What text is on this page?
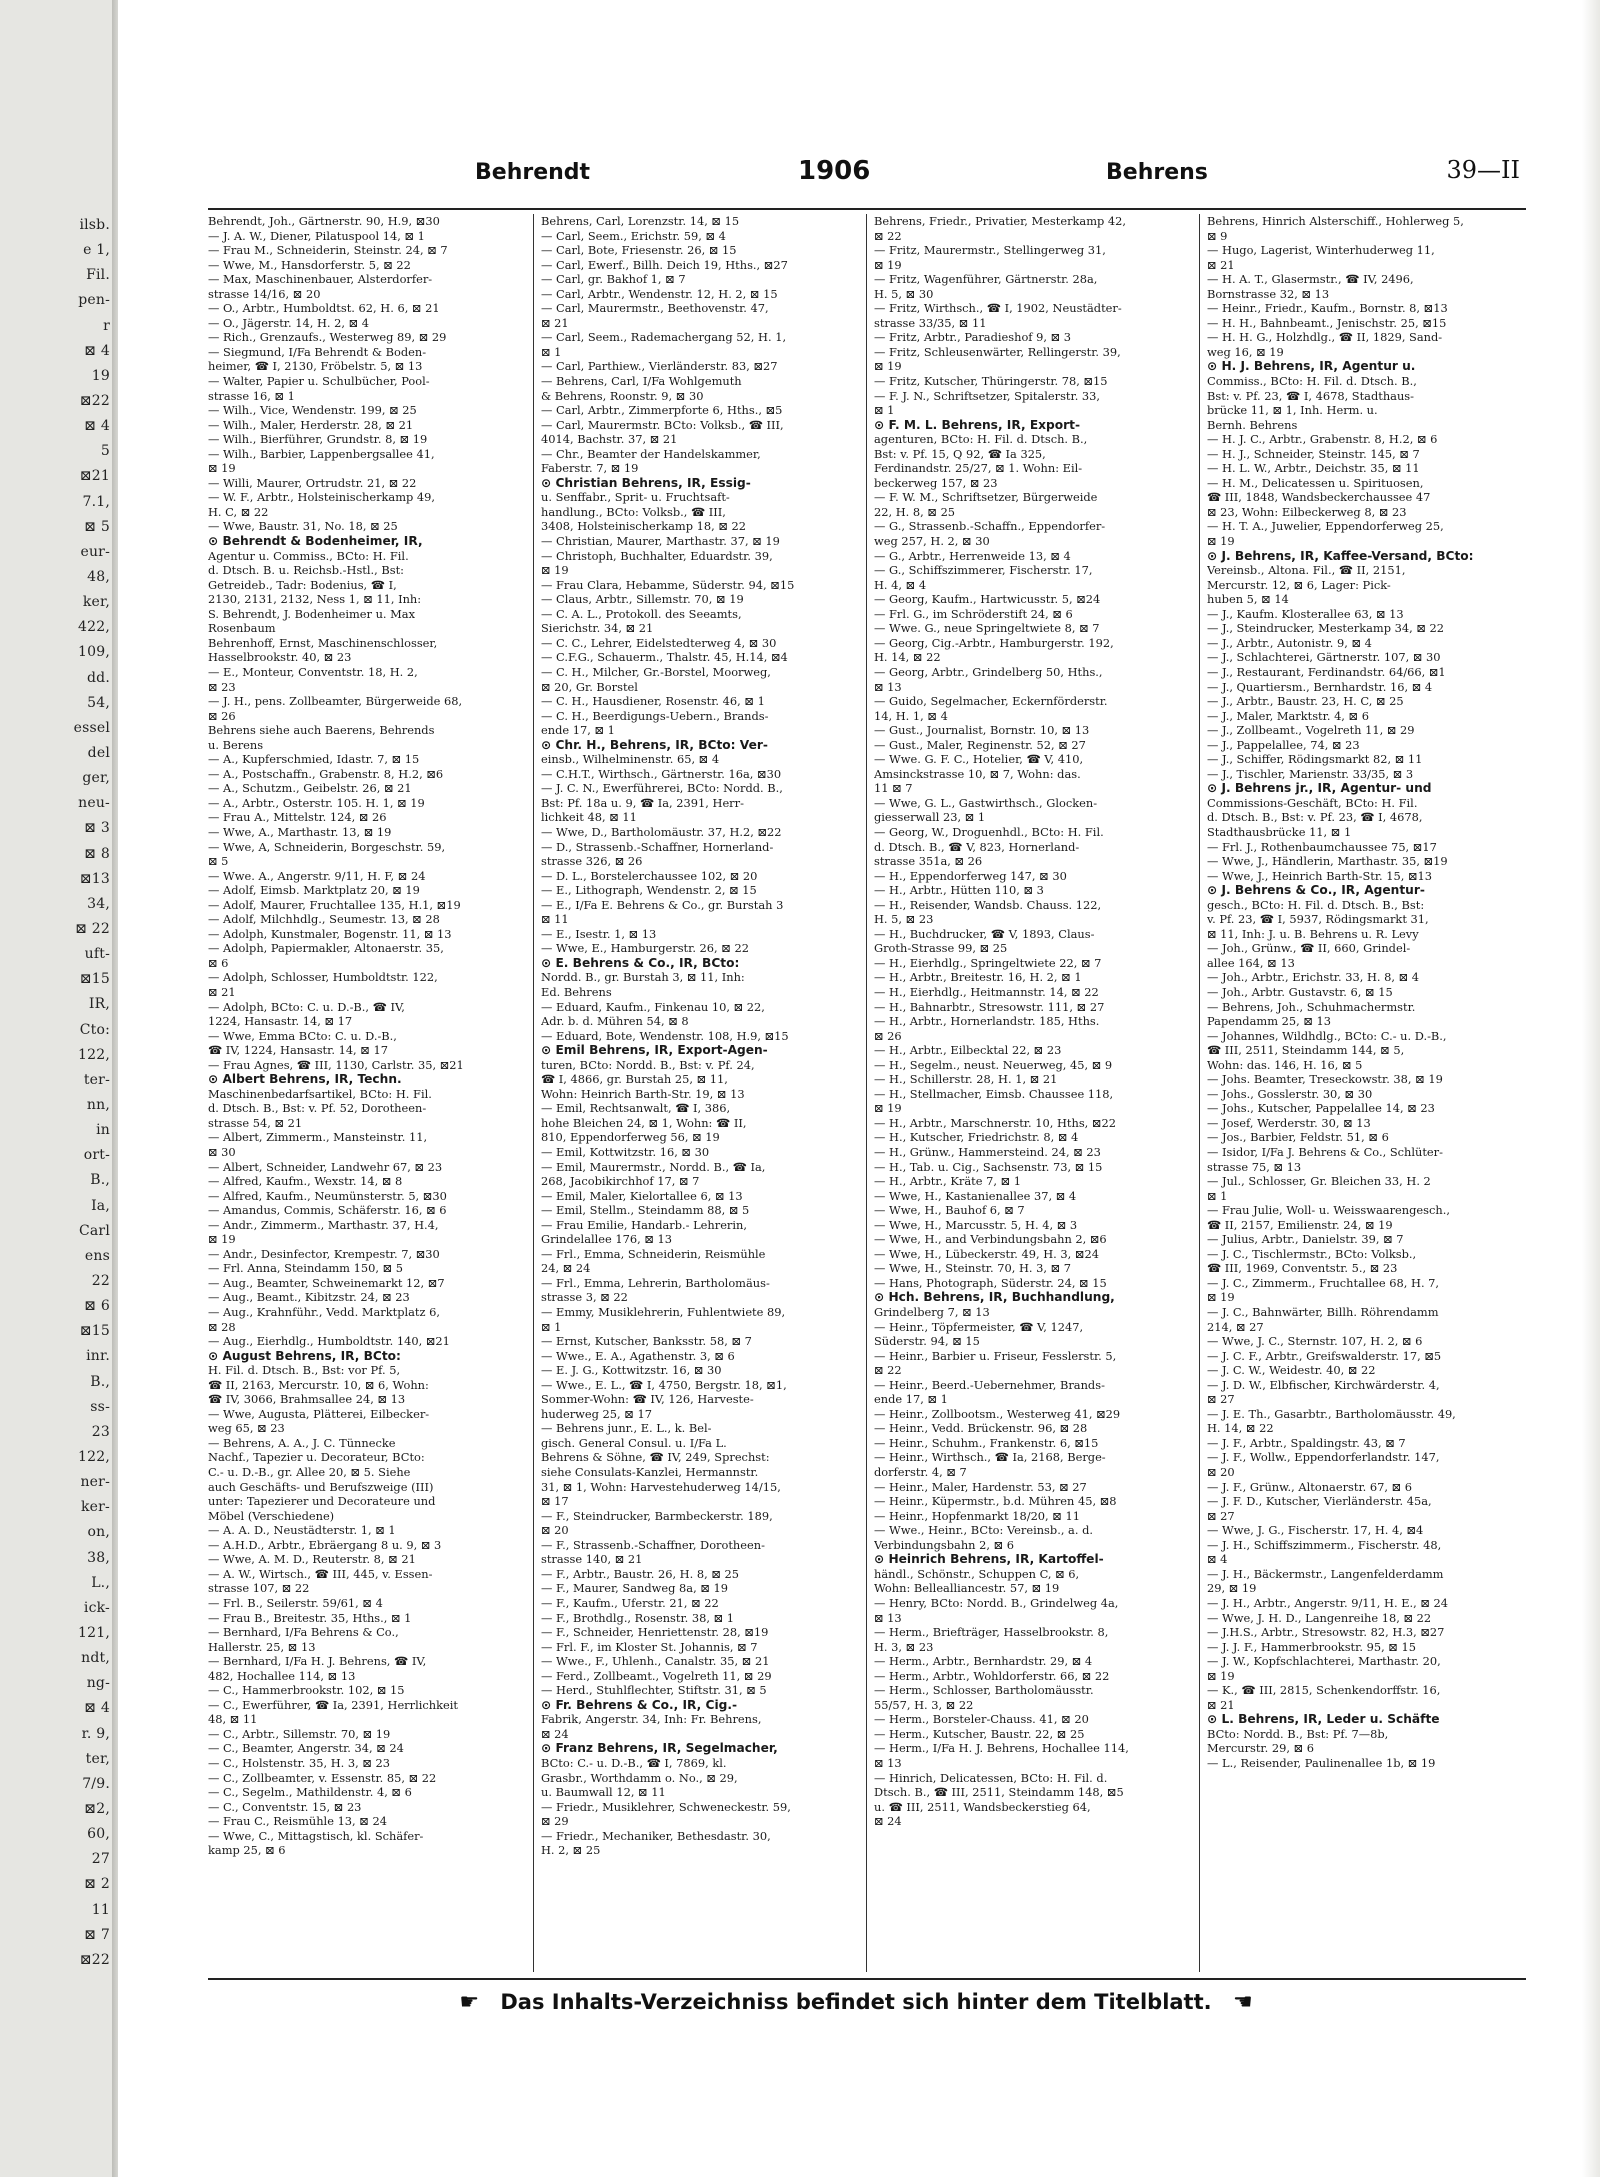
ilsb.
e 1,
Fil.
pen-
r
⊠ 4
19
⊠22
⊠ 4
5
⊠21
7.1,
⊠ 5
eur-
48,
ker,
422,
109,
dd.
54,
essel
del
ger,
neu-
⊠ 3
⊠ 8
⊠13
34,
⊠ 22
uft-
⊠15
IR,
Cto:
122,
ter-
nn,
in
ort-
B.,
Ia,
Carl
ens
22
⊠ 6
⊠15
inr.
B.,
ss-
23
122,
ner-
ker-
on,
38,
L.,
ick-
121,
ndt,
ng-
⊠ 4
r. 9,
ter,
7/9.
⊠2,
60,
27
⊠ 2
11
⊠ 7
⊠22
Behrendt	1906	Behrens	39—II
Behrendt, Joh., Gärtnerstr. 90, H.9, ⊠30
— J. A. W., Diener, Pilatuspool 14, ⊠ 1
— Frau M., Schneiderin, Steinstr. 24, ⊠ 7
— Wwe, M., Hansdorferstr. 5, ⊠ 22
— Max, Maschinenbauer, Alsterdorfer-
strasse 14/16, ⊠ 20
— O., Arbtr., Humboldtst. 62, H. 6, ⊠ 21
— O., Jägerstr. 14, H. 2, ⊠ 4
— Rich., Grenzaufs., Westerweg 89, ⊠ 29
— Siegmund, I/Fa Behrendt & Boden-
heimer, ☎ I, 2130, Fröbelstr. 5, ⊠ 13
— Walter, Papier u. Schulbücher, Pool-
strasse 16, ⊠ 1
— Wilh., Vice, Wendenstr. 199, ⊠ 25
— Wilh., Maler, Herderstr. 28, ⊠ 21
— Wilh., Bierführer, Grundstr. 8, ⊠ 19
— Wilh., Barbier, Lappenbergsallee 41,
⊠ 19
— Willi, Maurer, Ortrudstr. 21, ⊠ 22
— W. F., Arbtr., Holsteinischerkamp 49,
H. C, ⊠ 22
— Wwe, Baustr. 31, No. 18, ⊠ 25
⊙ Behrendt & Bodenheimer, IR,
Agentur u. Commiss., BCto: H. Fil.
d. Dtsch. B. u. Reichsb.-Hstl., Bst:
Getreideb., Tadr: Bodenius, ☎ I,
2130, 2131, 2132, Ness 1, ⊠ 11, Inh:
S. Behrendt, J. Bodenheimer u. Max
Rosenbaum
Behrenhoff, Ernst, Maschinenschlosser,
Hasselbrookstr. 40, ⊠ 23
— E., Monteur, Conventstr. 18, H. 2,
⊠ 23
— J. H., pens. Zollbeamter, Bürgerweide 68,
⊠ 26
Behrens siehe auch Baerens, Behrends
u. Berens
— A., Kupferschmied, Idastr. 7, ⊠ 15
— A., Postschaffn., Grabenstr. 8, H.2, ⊠6
— A., Schutzm., Geibelstr. 26, ⊠ 21
— A., Arbtr., Osterstr. 105. H. 1, ⊠ 19
— Frau A., Mittelstr. 124, ⊠ 26
— Wwe, A., Marthastr. 13, ⊠ 19
— Wwe, A, Schneiderin, Borgeschstr. 59,
⊠ 5
— Wwe. A., Angerstr. 9/11, H. F, ⊠ 24
— Adolf, Eimsb. Marktplatz 20, ⊠ 19
— Adolf, Maurer, Fruchtallee 135, H.1, ⊠19
— Adolf, Milchhdlg., Seumestr. 13, ⊠ 28
— Adolph, Kunstmaler, Bogenstr. 11, ⊠ 13
— Adolph, Papiermakler, Altonaerstr. 35,
⊠ 6
— Adolph, Schlosser, Humboldtstr. 122,
⊠ 21
— Adolph, BCto: C. u. D.-B., ☎ IV,
1224, Hansastr. 14, ⊠ 17
— Wwe, Emma BCto: C. u. D.-B.,
☎ IV, 1224, Hansastr. 14, ⊠ 17
— Frau Agnes, ☎ III, 1130, Carlstr. 35, ⊠21
⊙ Albert Behrens, IR, Techn.
Maschinenbedarfsartikel, BCto: H. Fil.
d. Dtsch. B., Bst: v. Pf. 52, Dorotheen-
strasse 54, ⊠ 21
— Albert, Zimmerm., Mansteinstr. 11,
⊠ 30
— Albert, Schneider, Landwehr 67, ⊠ 23
— Alfred, Kaufm., Wexstr. 14, ⊠ 8
— Alfred, Kaufm., Neumünsterstr. 5, ⊠30
— Amandus, Commis, Schäferstr. 16, ⊠ 6
— Andr., Zimmerm., Marthastr. 37, H.4,
⊠ 19
— Andr., Desinfector, Krempestr. 7, ⊠30
— Frl. Anna, Steindamm 150, ⊠ 5
— Aug., Beamter, Schweinemarkt 12, ⊠7
— Aug., Beamt., Kibitzstr. 24, ⊠ 23
— Aug., Krahnführ., Vedd. Marktplatz 6,
⊠ 28
— Aug., Eierhdlg., Humboldtstr. 140, ⊠21
⊙ August Behrens, IR, BCto:
H. Fil. d. Dtsch. B., Bst: vor Pf. 5,
☎ II, 2163, Mercurstr. 10, ⊠ 6, Wohn:
☎ IV, 3066, Brahmsallee 24, ⊠ 13
— Wwe, Augusta, Plätterei, Eilbecker-
weg 65, ⊠ 23
— Behrens, A. A., J. C. Tünnecke
Nachf., Tapezier u. Decorateur, BCto:
C.- u. D.-B., gr. Allee 20, ⊠ 5. Siehe
auch Geschäfts- und Berufszweige (III)
unter: Tapezierer und Decorateure und
Möbel (Verschiedene)
— A. A. D., Neustädterstr. 1, ⊠ 1
— A.H.D., Arbtr., Ebräergang 8 u. 9, ⊠ 3
— Wwe, A. M. D., Reuterstr. 8, ⊠ 21
— A. W., Wirtsch., ☎ III, 445, v. Essen-
strasse 107, ⊠ 22
— Frl. B., Seilerstr. 59/61, ⊠ 4
— Frau B., Breitestr. 35, Hths., ⊠ 1
— Bernhard, I/Fa Behrens & Co.,
Hallerstr. 25, ⊠ 13
— Bernhard, I/Fa H. J. Behrens, ☎ IV,
482, Hochallee 114, ⊠ 13
— C., Hammerbrookstr. 102, ⊠ 15
— C., Ewerführer, ☎ Ia, 2391, Herrlichkeit
48, ⊠ 11
— C., Arbtr., Sillemstr. 70, ⊠ 19
— C., Beamter, Angerstr. 34, ⊠ 24
— C., Holstenstr. 35, H. 3, ⊠ 23
— C., Zollbeamter, v. Essenstr. 85, ⊠ 22
— C., Segelm., Mathildenstr. 4, ⊠ 6
— C., Conventstr. 15, ⊠ 23
— Frau C., Reismühle 13, ⊠ 24
— Wwe, C., Mittagstisch, kl. Schäfer-
kamp 25, ⊠ 6
Behrens, Carl, Lorenzstr. 14, ⊠ 15
— Carl, Seem., Erichstr. 59, ⊠ 4
— Carl, Bote, Friesenstr. 26, ⊠ 15
— Carl, Ewerf., Billh. Deich 19, Hths., ⊠27
— Carl, gr. Bakhof 1, ⊠ 7
— Carl, Arbtr., Wendenstr. 12, H. 2, ⊠ 15
— Carl, Maurermstr., Beethovenstr. 47,
⊠ 21
— Carl, Seem., Rademachergang 52, H. 1,
⊠ 1
— Carl, Parthiew., Vierländerstr. 83, ⊠27
— Behrens, Carl, I/Fa Wohlgemuth
& Behrens, Roonstr. 9, ⊠ 30
— Carl, Arbtr., Zimmerpforte 6, Hths., ⊠5
— Carl, Maurermstr. BCto: Volksb., ☎ III,
4014, Bachstr. 37, ⊠ 21
— Chr., Beamter der Handelskammer,
Faberstr. 7, ⊠ 19
⊙ Christian Behrens, IR, Essig-
u. Senffabr., Sprit- u. Fruchtsaft-
handlung., BCto: Volksb., ☎ III,
3408, Holsteinischerkamp 18, ⊠ 22
— Christian, Maurer, Marthastr. 37, ⊠ 19
— Christoph, Buchhalter, Eduardstr. 39,
⊠ 19
— Frau Clara, Hebamme, Süderstr. 94, ⊠15
— Claus, Arbtr., Sillemstr. 70, ⊠ 19
— C. A. L., Protokoll. des Seeamts,
Sierichstr. 34, ⊠ 21
— C. C., Lehrer, Eidelstedterweg 4, ⊠ 30
— C.F.G., Schauerm., Thalstr. 45, H.14, ⊠4
— C. H., Milcher, Gr.-Borstel, Moorweg,
⊠ 20, Gr. Borstel
— C. H., Hausdiener, Rosenstr. 46, ⊠ 1
— C. H., Beerdigungs-Uebern., Brands-
ende 17, ⊠ 1
⊙ Chr. H., Behrens, IR, BCto: Ver-
einsb., Wilhelminenstr. 65, ⊠ 4
— C.H.T., Wirthsch., Gärtnerstr. 16a, ⊠30
— J. C. N., Ewerführerei, BCto: Nordd. B.,
Bst: Pf. 18a u. 9, ☎ Ia, 2391, Herr-
lichkeit 48, ⊠ 11
— Wwe, D., Bartholomäustr. 37, H.2, ⊠22
— D., Strassenb.-Schaffner, Hornerland-
strasse 326, ⊠ 26
— D. L., Borstelerchaussee 102, ⊠ 20
— E., Lithograph, Wendenstr. 2, ⊠ 15
— E., I/Fa E. Behrens & Co., gr. Burstah 3
⊠ 11
— E., Isestr. 1, ⊠ 13
— Wwe, E., Hamburgerstr. 26, ⊠ 22
⊙ E. Behrens & Co., IR, BCto:
Nordd. B., gr. Burstah 3, ⊠ 11, Inh:
Ed. Behrens
— Eduard, Kaufm., Finkenau 10, ⊠ 22,
Adr. b. d. Mühren 54, ⊠ 8
— Eduard, Bote, Wendenstr. 108, H.9, ⊠15
⊙ Emil Behrens, IR, Export-Agen-
turen, BCto: Nordd. B., Bst: v. Pf. 24,
☎ I, 4866, gr. Burstah 25, ⊠ 11,
Wohn: Heinrich Barth-Str. 19, ⊠ 13
— Emil, Rechtsanwalt, ☎ I, 386,
hohe Bleichen 24, ⊠ 1, Wohn: ☎ II,
810, Eppendorferweg 56, ⊠ 19
— Emil, Kottwitzstr. 16, ⊠ 30
— Emil, Maurermstr., Nordd. B., ☎ Ia,
268, Jacobikirchhof 17, ⊠ 7
— Emil, Maler, Kielortallee 6, ⊠ 13
— Emil, Stellm., Steindamm 88, ⊠ 5
— Frau Emilie, Handarb.- Lehrerin,
Grindelallee 176, ⊠ 13
— Frl., Emma, Schneiderin, Reismühle
24, ⊠ 24
— Frl., Emma, Lehrerin, Bartholomäus-
strasse 3, ⊠ 22
— Emmy, Musiklehrerin, Fuhlentwiete 89,
⊠ 1
— Ernst, Kutscher, Banksstr. 58, ⊠ 7
— Wwe., E. A., Agathenstr. 3, ⊠ 6
— E. J. G., Kottwitzstr. 16, ⊠ 30
— Wwe., E. L., ☎ I, 4750, Bergstr. 18, ⊠1,
Sommer-Wohn: ☎ IV, 126, Harveste-
huderweg 25, ⊠ 17
— Behrens junr., E. L., k. Bel-
gisch. General Consul. u. I/Fa L.
Behrens & Söhne, ☎ IV, 249, Sprechst:
siehe Consulats-Kanzlei, Hermannstr.
31, ⊠ 1, Wohn: Harvestehuderweg 14/15,
⊠ 17
— F., Steindrucker, Barmbeckerstr. 189,
⊠ 20
— F., Strassenb.-Schaffner, Dorotheen-
strasse 140, ⊠ 21
— F., Arbtr., Baustr. 26, H. 8, ⊠ 25
— F., Maurer, Sandweg 8a, ⊠ 19
— F., Kaufm., Uferstr. 21, ⊠ 22
— F., Brothdlg., Rosenstr. 38, ⊠ 1
— F., Schneider, Henriettenstr. 28, ⊠19
— Frl. F., im Kloster St. Johannis, ⊠ 7
— Wwe., F., Uhlenh., Canalstr. 35, ⊠ 21
— Ferd., Zollbeamt., Vogelreth 11, ⊠ 29
— Herd., Stuhlflechter, Stiftstr. 31, ⊠ 5
⊙ Fr. Behrens & Co., IR, Cig.-
Fabrik, Angerstr. 34, Inh: Fr. Behrens,
⊠ 24
⊙ Franz Behrens, IR, Segelmacher,
BCto: C.- u. D.-B., ☎ I, 7869, kl.
Grasbr., Worthdamm o. No., ⊠ 29,
u. Baumwall 12, ⊠ 11
— Friedr., Musiklehrer, Schweneckestr. 59,
⊠ 29
— Friedr., Mechaniker, Bethesdastr. 30,
H. 2, ⊠ 25
Behrens, Friedr., Privatier, Mesterkamp 42,
⊠ 22
— Fritz, Maurermstr., Stellingerweg 31,
⊠ 19
— Fritz, Wagenführer, Gärtnerstr. 28a,
H. 5, ⊠ 30
— Fritz, Wirthsch., ☎ I, 1902, Neustädter-
strasse 33/35, ⊠ 11
— Fritz, Arbtr., Paradieshof 9, ⊠ 3
— Fritz, Schleusenwärter, Rellingerstr. 39,
⊠ 19
— Fritz, Kutscher, Thüringerstr. 78, ⊠15
— F. J. N., Schriftsetzer, Spitalerstr. 33,
⊠ 1
⊙ F. M. L. Behrens, IR, Export-
agenturen, BCto: H. Fil. d. Dtsch. B.,
Bst: v. Pf. 15, Q 92, ☎ Ia 325,
Ferdinandstr. 25/27, ⊠ 1. Wohn: Eil-
beckerweg 157, ⊠ 23
— F. W. M., Schriftsetzer, Bürgerweide
22, H. 8, ⊠ 25
— G., Strassenb.-Schaffn., Eppendorfer-
weg 257, H. 2, ⊠ 30
— G., Arbtr., Herrenweide 13, ⊠ 4
— G., Schiffszimmerer, Fischerstr. 17,
H. 4, ⊠ 4
— Georg, Kaufm., Hartwicusstr. 5, ⊠24
— Frl. G., im Schröderstift 24, ⊠ 6
— Wwe. G., neue Springeltwiete 8, ⊠ 7
— Georg, Cig.-Arbtr., Hamburgerstr. 192,
H. 14, ⊠ 22
— Georg, Arbtr., Grindelberg 50, Hths.,
⊠ 13
— Guido, Segelmacher, Eckernförderstr.
14, H. 1, ⊠ 4
— Gust., Journalist, Bornstr. 10, ⊠ 13
— Gust., Maler, Reginenstr. 52, ⊠ 27
— Wwe. G. F. C., Hotelier, ☎ V, 410,
Amsinckstrasse 10, ⊠ 7, Wohn: das.
11 ⊠ 7
— Wwe, G. L., Gastwirthsch., Glocken-
giesserwall 23, ⊠ 1
— Georg, W., Droguenhdl., BCto: H. Fil.
d. Dtsch. B., ☎ V, 823, Hornerland-
strasse 351a, ⊠ 26
— H., Eppendorferweg 147, ⊠ 30
— H., Arbtr., Hütten 110, ⊠ 3
— H., Reisender, Wandsb. Chauss. 122,
H. 5, ⊠ 23
— H., Buchdrucker, ☎ V, 1893, Claus-
Groth-Strasse 99, ⊠ 25
— H., Eierhdlg., Springeltwiete 22, ⊠ 7
— H., Arbtr., Breitestr. 16, H. 2, ⊠ 1
— H., Eierhdlg., Heitmannstr. 14, ⊠ 22
— H., Bahnarbtr., Stresowstr. 111, ⊠ 27
— H., Arbtr., Hornerlandstr. 185, Hths.
⊠ 26
— H., Arbtr., Eilbecktal 22, ⊠ 23
— H., Segelm., neust. Neuerweg, 45, ⊠ 9
— H., Schillerstr. 28, H. 1, ⊠ 21
— H., Stellmacher, Eimsb. Chaussee 118,
⊠ 19
— H., Arbtr., Marschnerstr. 10, Hths, ⊠22
— H., Kutscher, Friedrichstr. 8, ⊠ 4
— H., Grünw., Hammersteind. 24, ⊠ 23
— H., Tab. u. Cig., Sachsenstr. 73, ⊠ 15
— H., Arbtr., Kräte 7, ⊠ 1
— Wwe, H., Kastanienallee 37, ⊠ 4
— Wwe, H., Bauhof 6, ⊠ 7
— Wwe, H., Marcusstr. 5, H. 4, ⊠ 3
— Wwe, H., and Verbindungsbahn 2, ⊠6
— Wwe, H., Lübeckerstr. 49, H. 3, ⊠24
— Wwe, H., Steinstr. 70, H. 3, ⊠ 7
— Hans, Photograph, Süderstr. 24, ⊠ 15
⊙ Hch. Behrens, IR, Buchhandlung,
Grindelberg 7, ⊠ 13
— Heinr., Töpfermeister, ☎ V, 1247,
Süderstr. 94, ⊠ 15
— Heinr., Barbier u. Friseur, Fesslerstr. 5,
⊠ 22
— Heinr., Beerd.-Uebernehmer, Brands-
ende 17, ⊠ 1
— Heinr., Zollbootsm., Westerweg 41, ⊠29
— Heinr., Vedd. Brückenstr. 96, ⊠ 28
— Heinr., Schuhm., Frankenstr. 6, ⊠15
— Heinr., Wirthsch., ☎ Ia, 2168, Berge-
dorferstr. 4, ⊠ 7
— Heinr., Maler, Hardenstr. 53, ⊠ 27
— Heinr., Küpermstr., b.d. Mühren 45, ⊠8
— Heinr., Hopfenmarkt 18/20, ⊠ 11
— Wwe., Heinr., BCto: Vereinsb., a. d.
Verbindungsbahn 2, ⊠ 6
⊙ Heinrich Behrens, IR, Kartoffel-
händl., Schönstr., Schuppen C, ⊠ 6,
Wohn: Bellealliancestr. 57, ⊠ 19
— Henry, BCto: Nordd. B., Grindelweg 4a,
⊠ 13
— Herm., Briefträger, Hasselbrookstr. 8,
H. 3, ⊠ 23
— Herm., Arbtr., Bernhardstr. 29, ⊠ 4
— Herm., Arbtr., Wohldorferstr. 66, ⊠ 22
— Herm., Schlosser, Bartholomäusstr.
55/57, H. 3, ⊠ 22
— Herm., Borsteler-Chauss. 41, ⊠ 20
— Herm., Kutscher, Baustr. 22, ⊠ 25
— Herm., I/Fa H. J. Behrens, Hochallee 114,
⊠ 13
— Hinrich, Delicatessen, BCto: H. Fil. d.
Dtsch. B., ☎ III, 2511, Steindamm 148, ⊠5
u. ☎ III, 2511, Wandsbeckerstieg 64,
⊠ 24
Behrens, Hinrich Alsterschiff., Hohlerweg 5,
⊠ 9
— Hugo, Lagerist, Winterhuderweg 11,
⊠ 21
— H. A. T., Glasermstr., ☎ IV, 2496,
Bornstrasse 32, ⊠ 13
— Heinr., Friedr., Kaufm., Bornstr. 8, ⊠13
— H. H., Bahnbeamt., Jenischstr. 25, ⊠15
— H. H. G., Holzhdlg., ☎ II, 1829, Sand-
weg 16, ⊠ 19
⊙ H. J. Behrens, IR, Agentur u.
Commiss., BCto: H. Fil. d. Dtsch. B.,
Bst: v. Pf. 23, ☎ I, 4678, Stadthaus-
brücke 11, ⊠ 1, Inh. Herm. u.
Bernh. Behrens
— H. J. C., Arbtr., Grabenstr. 8, H.2, ⊠ 6
— H. J., Schneider, Steinstr. 145, ⊠ 7
— H. L. W., Arbtr., Deichstr. 35, ⊠ 11
— H. M., Delicatessen u. Spirituosen,
☎ III, 1848, Wandsbeckerchaussee 47
⊠ 23, Wohn: Eilbeckerweg 8, ⊠ 23
— H. T. A., Juwelier, Eppendorferweg 25,
⊠ 19
⊙ J. Behrens, IR, Kaffee-Versand, BCto:
Vereinsb., Altona. Fil., ☎ II, 2151,
Mercurstr. 12, ⊠ 6, Lager: Pick-
huben 5, ⊠ 14
— J., Kaufm. Klosterallee 63, ⊠ 13
— J., Steindrucker, Mesterkamp 34, ⊠ 22
— J., Arbtr., Autonistr. 9, ⊠ 4
— J., Schlachterei, Gärtnerstr. 107, ⊠ 30
— J., Restaurant, Ferdinandstr. 64/66, ⊠1
— J., Quartiersm., Bernhardstr. 16, ⊠ 4
— J., Arbtr., Baustr. 23, H. C, ⊠ 25
— J., Maler, Marktstr. 4, ⊠ 6
— J., Zollbeamt., Vogelreth 11, ⊠ 29
— J., Pappelallee, 74, ⊠ 23
— J., Schiffer, Rödingsmarkt 82, ⊠ 11
— J., Tischler, Marienstr. 33/35, ⊠ 3
⊙ J. Behrens jr., IR, Agentur- und
Commissions-Geschäft, BCto: H. Fil.
d. Dtsch. B., Bst: v. Pf. 23, ☎ I, 4678,
Stadthausbrücke 11, ⊠ 1
— Frl. J., Rothenbaumchaussee 75, ⊠17
— Wwe, J., Händlerin, Marthastr. 35, ⊠19
— Wwe, J., Heinrich Barth-Str. 15, ⊠13
⊙ J. Behrens & Co., IR, Agentur-
gesch., BCto: H. Fil. d. Dtsch. B., Bst:
v. Pf. 23, ☎ I, 5937, Rödingsmarkt 31,
⊠ 11, Inh: J. u. B. Behrens u. R. Levy
— Joh., Grünw., ☎ II, 660, Grindel-
allee 164, ⊠ 13
— Joh., Arbtr., Erichstr. 33, H. 8, ⊠ 4
— Joh., Arbtr. Gustavstr. 6, ⊠ 15
— Behrens, Joh., Schuhmachermstr.
Papendamm 25, ⊠ 13
— Johannes, Wildhdlg., BCto: C.- u. D.-B.,
☎ III, 2511, Steindamm 144, ⊠ 5,
Wohn: das. 146, H. 16, ⊠ 5
— Johs. Beamter, Treseckowstr. 38, ⊠ 19
— Johs., Gosslerstr. 30, ⊠ 30
— Johs., Kutscher, Pappelallee 14, ⊠ 23
— Josef, Werderstr. 30, ⊠ 13
— Jos., Barbier, Feldstr. 51, ⊠ 6
— Isidor, I/Fa J. Behrens & Co., Schlüter-
strasse 75, ⊠ 13
— Jul., Schlosser, Gr. Bleichen 33, H. 2
⊠ 1
— Frau Julie, Woll- u. Weisswaarengesch.,
☎ II, 2157, Emilienstr. 24, ⊠ 19
— Julius, Arbtr., Danielstr. 39, ⊠ 7
— J. C., Tischlermstr., BCto: Volksb.,
☎ III, 1969, Conventstr. 5., ⊠ 23
— J. C., Zimmerm., Fruchtallee 68, H. 7,
⊠ 19
— J. C., Bahnwärter, Billh. Röhrendamm
214, ⊠ 27
— Wwe, J. C., Sternstr. 107, H. 2, ⊠ 6
— J. C. F., Arbtr., Greifswalderstr. 17, ⊠5
— J. C. W., Weidestr. 40, ⊠ 22
— J. D. W., Elbfischer, Kirchwärderstr. 4,
⊠ 27
— J. E. Th., Gasarbtr., Bartholomäusstr. 49,
H. 14, ⊠ 22
— J. F., Arbtr., Spaldingstr. 43, ⊠ 7
— J. F., Wollw., Eppendorferlandstr. 147,
⊠ 20
— J. F., Grünw., Altonaerstr. 67, ⊠ 6
— J. F. D., Kutscher, Vierländerstr. 45a,
⊠ 27
— Wwe, J. G., Fischerstr. 17, H. 4, ⊠4
— J. H., Schiffszimmerm., Fischerstr. 48,
⊠ 4
— J. H., Bäckermstr., Langenfelderdamm
29, ⊠ 19
— J. H., Arbtr., Angerstr. 9/11, H. E., ⊠ 24
— Wwe, J. H. D., Langenreihe 18, ⊠ 22
— J.H.S., Arbtr., Stresowstr. 82, H.3, ⊠27
— J. J. F., Hammerbrookstr. 95, ⊠ 15
— J. W., Kopfschlachterei, Marthastr. 20,
⊠ 19
— K., ☎ III, 2815, Schenkendorffstr. 16,
⊠ 21
⊙ L. Behrens, IR, Leder u. Schäfte
BCto: Nordd. B., Bst: Pf. 7—8b,
Mercurstr. 29, ⊠ 6
— L., Reisender, Paulinenallee 1b, ⊠ 19
☛ Das Inhalts-Verzeichniss befindet sich hinter dem Titelblatt. ☚
